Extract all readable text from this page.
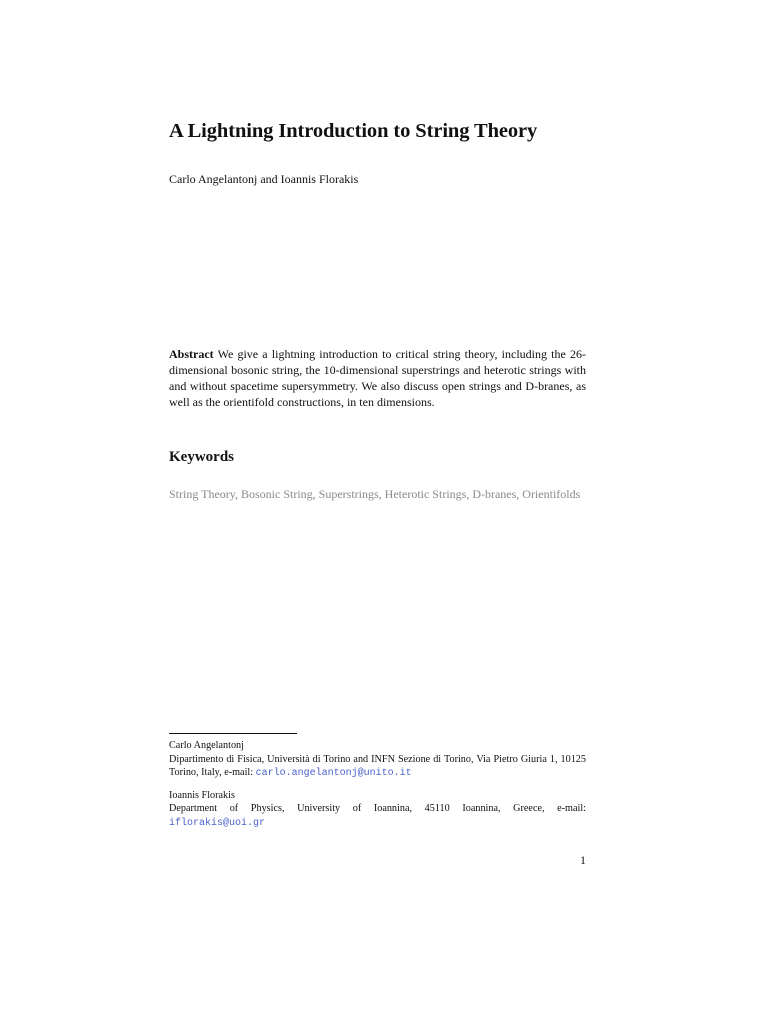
A Lightning Introduction to String Theory
Carlo Angelantonj and Ioannis Florakis

Abstract We give a lightning introduction to critical string theory, including the 26-dimensional bosonic string, the 10-dimensional superstrings and heterotic strings with and without spacetime supersymmetry. We also discuss open strings and D-branes, as well as the orientifold constructions, in ten dimensions.

Keywords

String Theory, Bosonic String, Superstrings, Heterotic Strings, D-branes, Orientifolds

Carlo Angelantonj
Dipartimento di Fisica, Università di Torino and INFN Sezione di Torino, Via Pietro Giuria 1, 10125 Torino, Italy, e-mail: carlo.angelantonj@unito.it
Ioannis Florakis
Department of Physics, University of Ioannina, 45110 Ioannina, Greece, e-mail: iflorakis@uoi.gr
1
